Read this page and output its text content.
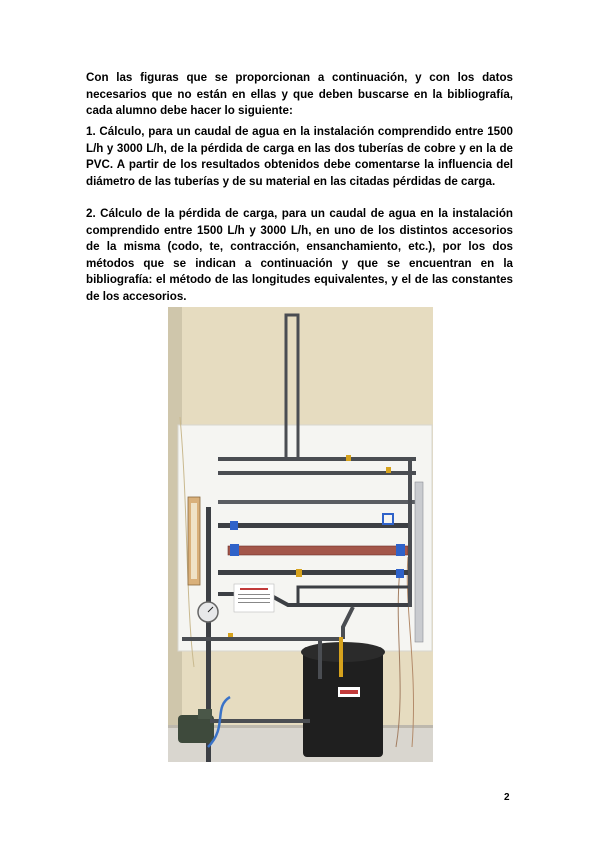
Con las figuras que se proporcionan a continuación, y con los datos necesarios que no están en ellas y que deben buscarse en la bibliografía, cada alumno debe hacer lo siguiente:
1. Cálculo, para un caudal de agua en la instalación comprendido entre 1500 L/h y 3000 L/h, de la pérdida de carga en las dos tuberías de cobre y en la de PVC. A partir de los resultados obtenidos debe comentarse la influencia del diámetro de las tuberías y de su material en las citadas pérdidas de carga.
2. Cálculo de la pérdida de carga, para un caudal de agua en la instalación comprendido entre 1500 L/h y 3000 L/h, en uno de los distintos accesorios de la misma (codo, te, contracción, ensanchamiento, etc.), por los dos métodos que se indican a continuación y que se encuentran en la bibliografía: el método de las longitudes equivalentes, y el de las constantes de los accesorios.
2
